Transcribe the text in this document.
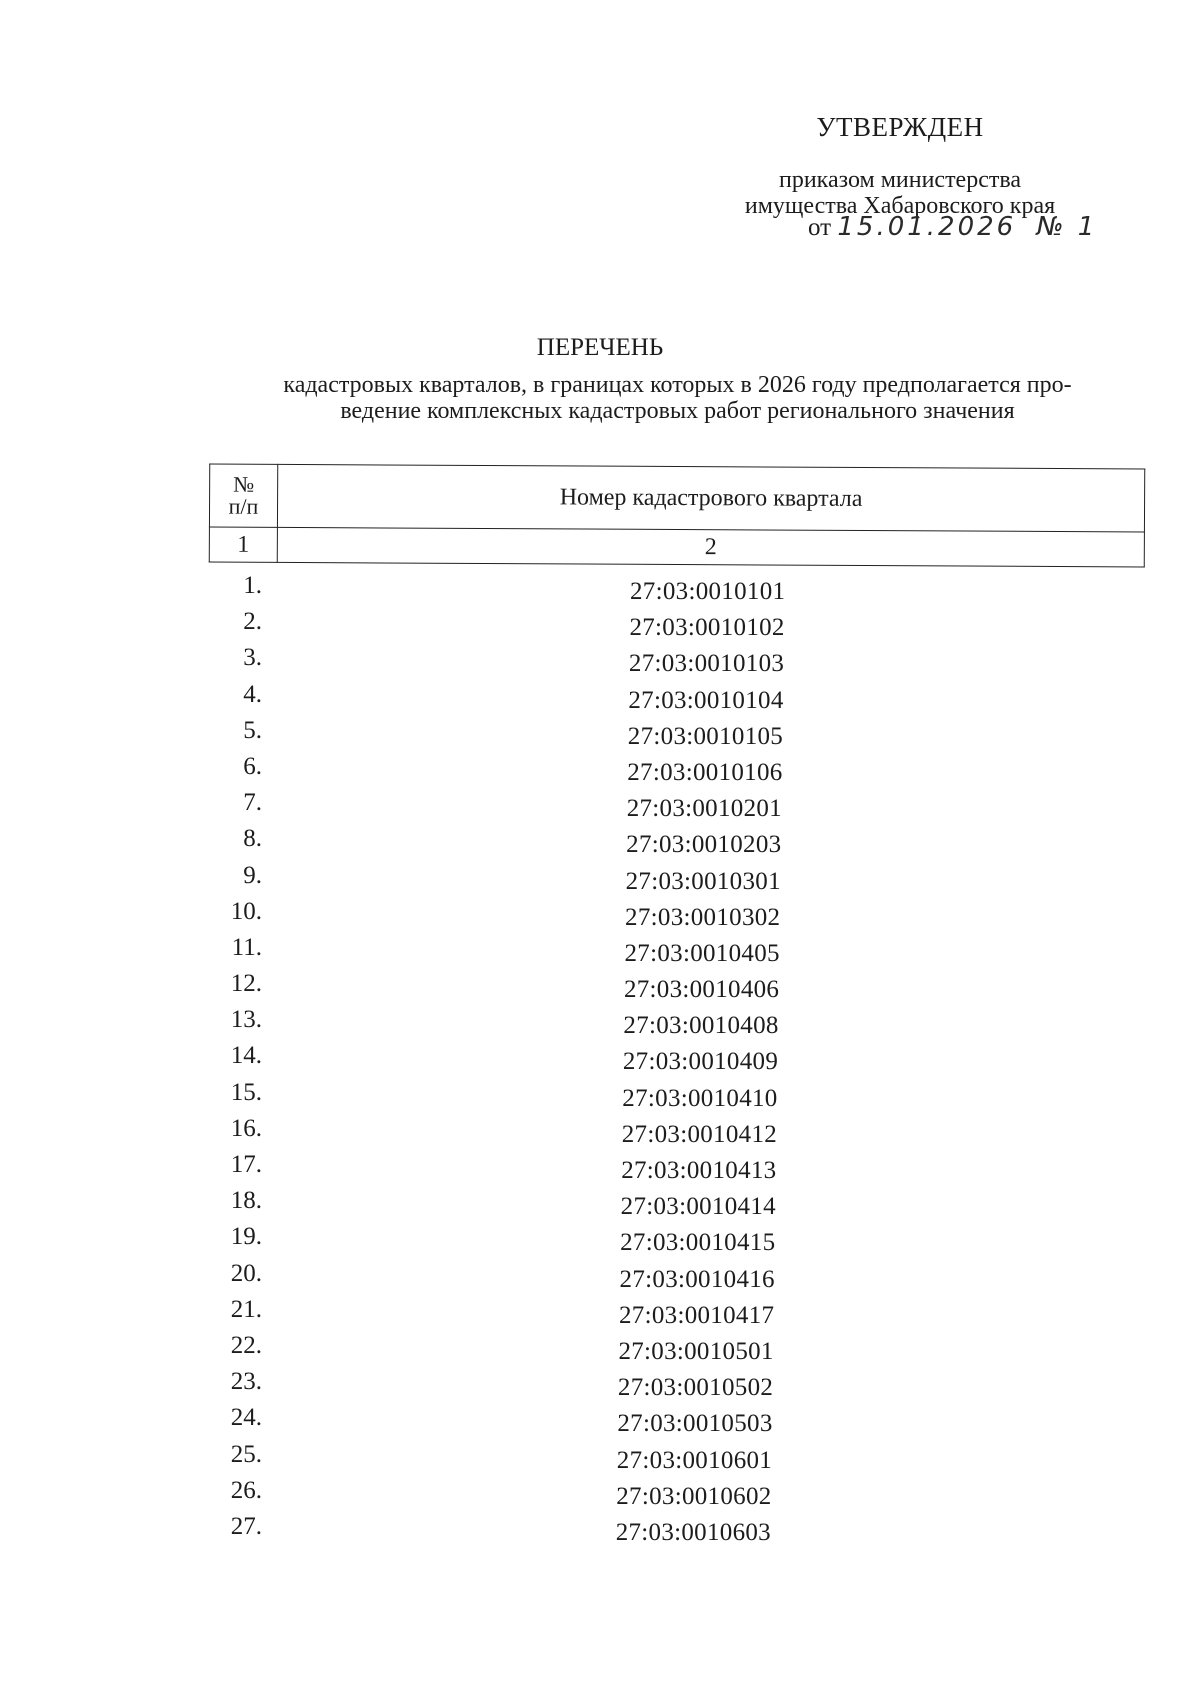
УТВЕРЖДЕН
приказом министерства
имущества Хабаровского края
от 15.01.2026 № 1
ПЕРЕЧЕНЬ
кадастровых кварталов, в границах которых в 2026 году предполагается про-
ведение комплексных кадастровых работ регионального значения
№
п/п	Номер кадастрового квартала
1	2
1.	27:03:0010101
2.	27:03:0010102
3.	27:03:0010103
4.	27:03:0010104
5.	27:03:0010105
6.	27:03:0010106
7.	27:03:0010201
8.	27:03:0010203
9.	27:03:0010301
10.	27:03:0010302
11.	27:03:0010405
12.	27:03:0010406
13.	27:03:0010408
14.	27:03:0010409
15.	27:03:0010410
16.	27:03:0010412
17.	27:03:0010413
18.	27:03:0010414
19.	27:03:0010415
20.	27:03:0010416
21.	27:03:0010417
22.	27:03:0010501
23.	27:03:0010502
24.	27:03:0010503
25.	27:03:0010601
26.	27:03:0010602
27.	27:03:0010603
